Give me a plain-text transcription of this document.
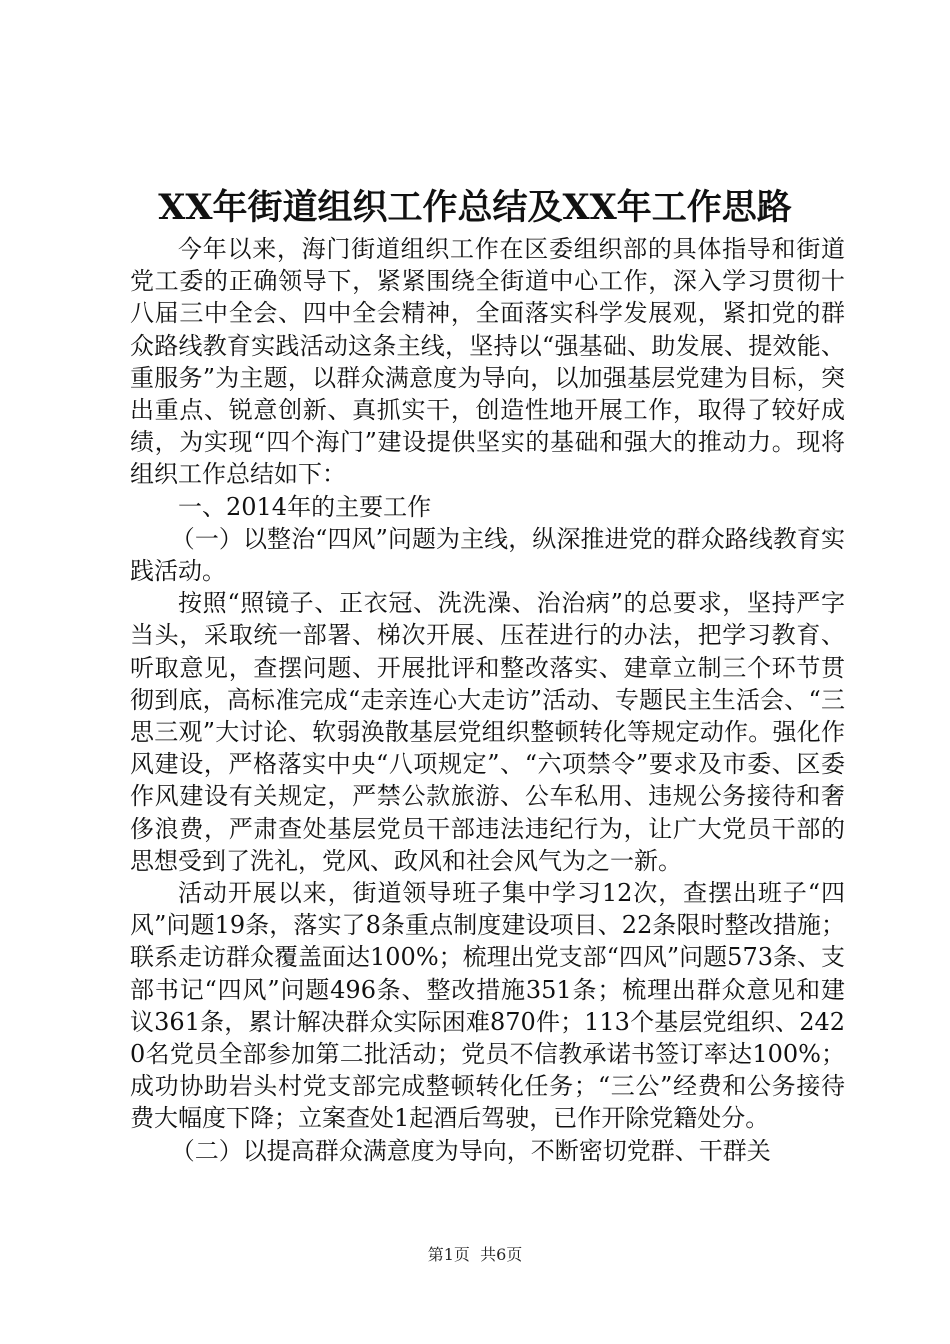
XX年街道组织工作总结及XX年工作思路

今年以来，海门街道组织工作在区委组织部的具体指导和街道党工委的正确领导下，紧紧围绕全街道中心工作，深入学习贯彻十八届三中全会、四中全会精神，全面落实科学发展观，紧扣党的群众路线教育实践活动这条主线，坚持以“强基础、助发展、提效能、重服务”为主题，以群众满意度为导向，以加强基层党建为目标，突出重点、锐意创新、真抓实干，创造性地开展工作，取得了较好成绩，为实现“四个海门”建设提供坚实的基础和强大的推动力。现将组织工作总结如下：

一、2014年的主要工作

（一）以整治“四风”问题为主线，纵深推进党的群众路线教育实践活动。

按照“照镜子、正衣冠、洗洗澡、治治病”的总要求，坚持严字当头，采取统一部署、梯次开展、压茬进行的办法，把学习教育、听取意见，查摆问题、开展批评和整改落实、建章立制三个环节贯彻到底，高标准完成“走亲连心大走访”活动、专题民主生活会、“三思三观”大讨论、软弱涣散基层党组织整顿转化等规定动作。强化作风建设，严格落实中央“八项规定”、“六项禁令”要求及市委、区委作风建设有关规定，严禁公款旅游、公车私用、违规公务接待和奢侈浪费，严肃查处基层党员干部违法违纪行为，让广大党员干部的思想受到了洗礼，党风、政风和社会风气为之一新。

活动开展以来，街道领导班子集中学习12次，查摆出班子“四风”问题19条，落实了8条重点制度建设项目、22条限时整改措施；联系走访群众覆盖面达100%；梳理出党支部“四风”问题573条、支部书记“四风”问题496条、整改措施351条；梳理出群众意见和建议361条，累计解决群众实际困难870件；113个基层党组织、2420名党员全部参加第二批活动；党员不信教承诺书签订率达100%；成功协助岩头村党支部完成整顿转化任务；“三公”经费和公务接待费大幅度下降；立案查处1起酒后驾驶，已作开除党籍处分。

（二）以提高群众满意度为导向，不断密切党群、干群关

第1页  共6页
